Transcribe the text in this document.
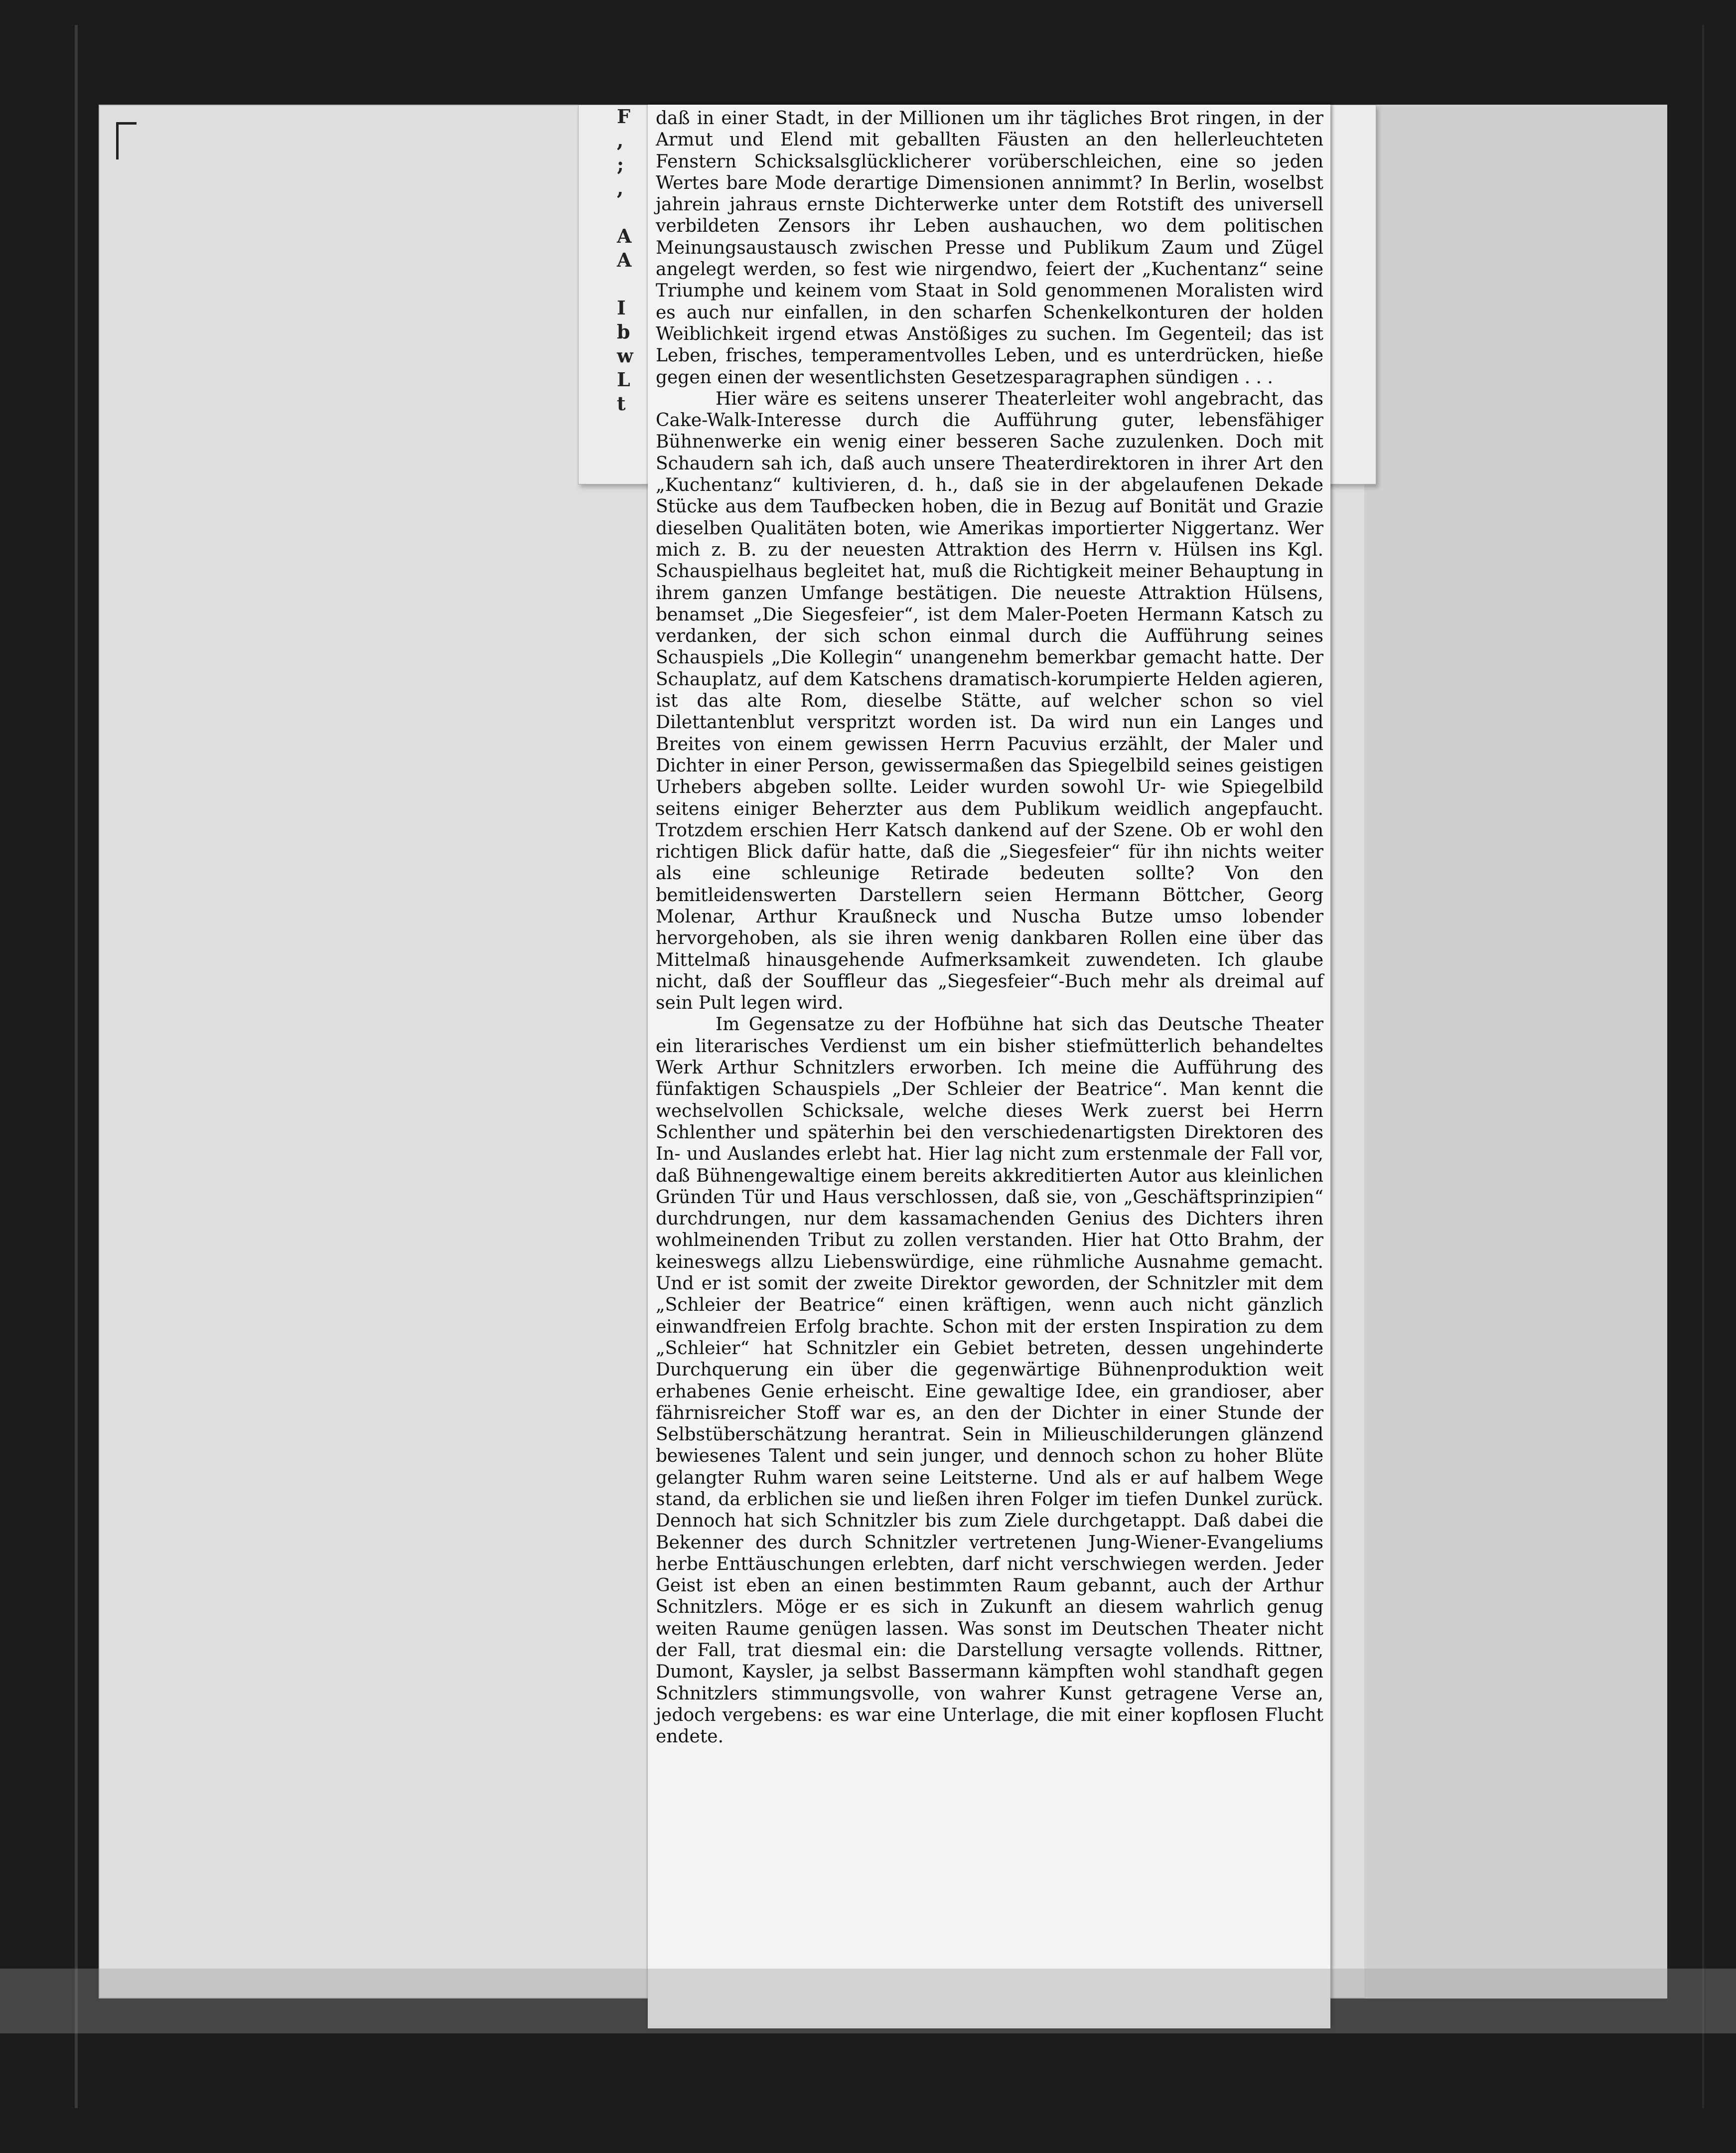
F
,
;
,
A
A
I
b
w
L
t

daß in einer Stadt, in der Millionen um ihr tägliches Brot ringen, in der Armut und Elend mit geballten Fäusten an den hellerleuchteten Fenstern Schicksalsglücklicherer vorüberschleichen, eine so jeden Wertes bare Mode derartige Dimensionen annimmt? In Berlin, woselbst jahrein jahraus ernste Dichterwerke unter dem Rotstift des universell verbildeten Zensors ihr Leben aushauchen, wo dem politischen Meinungsaustausch zwischen Presse und Publikum Zaum und Zügel angelegt werden, so fest wie nirgendwo, feiert der „Kuchentanz“ seine Triumphe und keinem vom Staat in Sold genommenen Moralisten wird es auch nur einfallen, in den scharfen Schenkelkonturen der holden Weiblichkeit irgend etwas Anstößiges zu suchen. Im Gegenteil; das ist Leben, frisches, temperamentvolles Leben, und es unterdrücken, hieße gegen einen der wesentlichsten Gesetzesparagraphen sündigen . . .

Hier wäre es seitens unserer Theaterleiter wohl angebracht, das Cake-Walk-Interesse durch die Aufführung guter, lebensfähiger Bühnenwerke ein wenig einer besseren Sache zuzulenken. Doch mit Schaudern sah ich, daß auch unsere Theaterdirektoren in ihrer Art den „Kuchentanz“ kultivieren, d. h., daß sie in der abgelaufenen Dekade Stücke aus dem Taufbecken hoben, die in Bezug auf Bonität und Grazie dieselben Qualitäten boten, wie Amerikas importierter Niggertanz. Wer mich z. B. zu der neuesten Attraktion des Herrn v. Hülsen ins Kgl. Schauspielhaus begleitet hat, muß die Richtigkeit meiner Behauptung in ihrem ganzen Umfange bestätigen. Die neueste Attraktion Hülsens, benamset „Die Siegesfeier“, ist dem Maler-Poeten Hermann Katsch zu verdanken, der sich schon einmal durch die Aufführung seines Schauspiels „Die Kollegin“ unangenehm bemerkbar gemacht hatte. Der Schauplatz, auf dem Katschens dramatisch-korumpierte Helden agieren, ist das alte Rom, dieselbe Stätte, auf welcher schon so viel Dilettantenblut verspritzt worden ist. Da wird nun ein Langes und Breites von einem gewissen Herrn Pacuvius erzählt, der Maler und Dichter in einer Person, gewissermaßen das Spiegelbild seines geistigen Urhebers abgeben sollte. Leider wurden sowohl Ur- wie Spiegelbild seitens einiger Beherzter aus dem Publikum weidlich angepfaucht. Trotzdem erschien Herr Katsch dankend auf der Szene. Ob er wohl den richtigen Blick dafür hatte, daß die „Siegesfeier“ für ihn nichts weiter als eine schleunige Retirade bedeuten sollte? Von den bemitleidenswerten Darstellern seien Hermann Böttcher, Georg Molenar, Arthur Kraußneck und Nuscha Butze umso lobender hervorgehoben, als sie ihren wenig dankbaren Rollen eine über das Mittelmaß hinausgehende Aufmerksamkeit zuwendeten. Ich glaube nicht, daß der Souffleur das „Siegesfeier“-Buch mehr als dreimal auf sein Pult legen wird.

Im Gegensatze zu der Hofbühne hat sich das Deutsche Theater ein literarisches Verdienst um ein bisher stiefmütterlich behandeltes Werk Arthur Schnitzlers erworben. Ich meine die Aufführung des fünfaktigen Schauspiels „Der Schleier der Beatrice“. Man kennt die wechselvollen Schicksale, welche dieses Werk zuerst bei Herrn Schlenther und späterhin bei den verschiedenartigsten Direktoren des In- und Auslandes erlebt hat. Hier lag nicht zum erstenmale der Fall vor, daß Bühnengewaltige einem bereits akkreditierten Autor aus kleinlichen Gründen Tür und Haus verschlossen, daß sie, von „Geschäftsprinzipien“ durchdrungen, nur dem kassamachenden Genius des Dichters ihren wohlmeinenden Tribut zu zollen verstanden. Hier hat Otto Brahm, der keineswegs allzu Liebenswürdige, eine rühmliche Ausnahme gemacht. Und er ist somit der zweite Direktor geworden, der Schnitzler mit dem „Schleier der Beatrice“ einen kräftigen, wenn auch nicht gänzlich einwandfreien Erfolg brachte. Schon mit der ersten Inspiration zu dem „Schleier“ hat Schnitzler ein Gebiet betreten, dessen ungehinderte Durchquerung ein über die gegenwärtige Bühnenproduktion weit erhabenes Genie erheischt. Eine gewaltige Idee, ein grandioser, aber fährnisreicher Stoff war es, an den der Dichter in einer Stunde der Selbstüberschätzung herantrat. Sein in Milieuschilderungen glänzend bewiesenes Talent und sein junger, und dennoch schon zu hoher Blüte gelangter Ruhm waren seine Leitsterne. Und als er auf halbem Wege stand, da erblichen sie und ließen ihren Folger im tiefen Dunkel zurück. Dennoch hat sich Schnitzler bis zum Ziele durchgetappt. Daß dabei die Bekenner des durch Schnitzler vertretenen Jung-Wiener-Evangeliums herbe Enttäuschungen erlebten, darf nicht verschwiegen werden. Jeder Geist ist eben an einen bestimmten Raum gebannt, auch der Arthur Schnitzlers. Möge er es sich in Zukunft an diesem wahrlich genug weiten Raume genügen lassen. Was sonst im Deutschen Theater nicht der Fall, trat diesmal ein: die Darstellung versagte vollends. Rittner, Dumont, Kaysler, ja selbst Bassermann kämpften wohl standhaft gegen Schnitzlers stimmungsvolle, von wahrer Kunst getragene Verse an, jedoch vergebens: es war eine Unterlage, die mit einer kopflosen Flucht endete.
